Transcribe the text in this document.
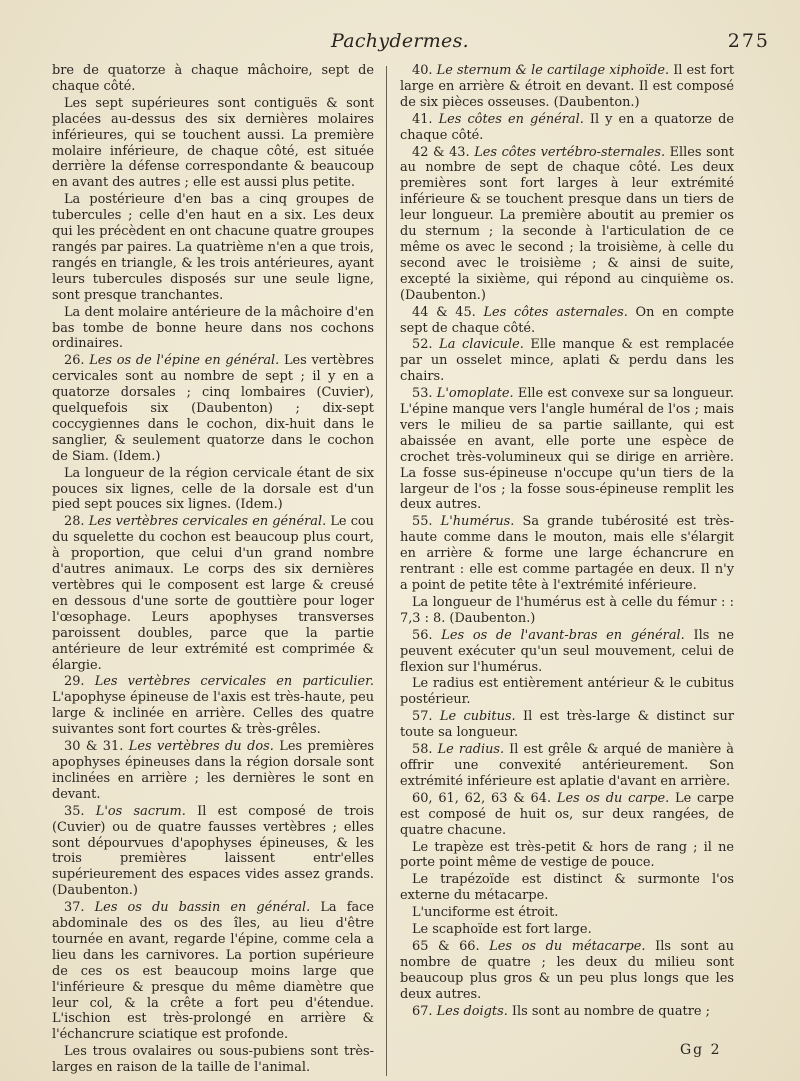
Pachydermes.	275

bre de quatorze à chaque mâchoire, sept de chaque côté.

Les sept supérieures sont contiguës & sont placées au-dessus des six dernières molaires inférieures, qui se touchent aussi. La première molaire inférieure, de chaque côté, est située derrière la défense correspondante & beaucoup en avant des autres ; elle est aussi plus petite.

La postérieure d'en bas a cinq groupes de tubercules ; celle d'en haut en a six. Les deux qui les précèdent en ont chacune quatre groupes rangés par paires. La quatrième n'en a que trois, rangés en triangle, & les trois antérieures, ayant leurs tubercules disposés sur une seule ligne, sont presque tranchantes.

La dent molaire antérieure de la mâchoire d'en bas tombe de bonne heure dans nos cochons ordinaires.

26. Les os de l'épine en général. Les vertèbres cervicales sont au nombre de sept ; il y en a quatorze dorsales ; cinq lombaires (Cuvier), quelquefois six (Daubenton) ; dix-sept coccygiennes dans le cochon, dix-huit dans le sanglier, & seulement quatorze dans le cochon de Siam. (Idem.)

La longueur de la région cervicale étant de six pouces six lignes, celle de la dorsale est d'un pied sept pouces six lignes. (Idem.)

28. Les vertèbres cervicales en général. Le cou du squelette du cochon est beaucoup plus court, à proportion, que celui d'un grand nombre d'autres animaux. Le corps des six dernières vertèbres qui le composent est large & creusé en dessous d'une sorte de gouttière pour loger l'œsophage. Leurs apophyses transverses paroissent doubles, parce que la partie antérieure de leur extrémité est comprimée & élargie.

29. Les vertèbres cervicales en particulier. L'apophyse épineuse de l'axis est très-haute, peu large & inclinée en arrière. Celles des quatre suivantes sont fort courtes & très-grêles.

30 & 31. Les vertèbres du dos. Les premières apophyses épineuses dans la région dorsale sont inclinées en arrière ; les dernières le sont en devant.

35. L'os sacrum. Il est composé de trois (Cuvier) ou de quatre fausses vertèbres ; elles sont dépourvues d'apophyses épineuses, & les trois premières laissent entr'elles supérieurement des espaces vides assez grands. (Daubenton.)

37. Les os du bassin en général. La face abdominale des os des îles, au lieu d'être tournée en avant, regarde l'épine, comme cela a lieu dans les carnivores. La portion supérieure de ces os est beaucoup moins large que l'inférieure & presque du même diamètre que leur col, & la crête a fort peu d'étendue. L'ischion est très-prolongé en arrière & l'échancrure sciatique est profonde.

Les trous ovalaires ou sous-pubiens sont très-larges en raison de la taille de l'animal.

40. Le sternum & le cartilage xiphoïde. Il est fort large en arrière & étroit en devant. Il est composé de six pièces osseuses. (Daubenton.)

41. Les côtes en général. Il y en a quatorze de chaque côté.

42 & 43. Les côtes vertébro-sternales. Elles sont au nombre de sept de chaque côté. Les deux premières sont fort larges à leur extrémité inférieure & se touchent presque dans un tiers de leur longueur. La première aboutit au premier os du sternum ; la seconde à l'articulation de ce même os avec le second ; la troisième, à celle du second avec le troisième ; & ainsi de suite, excepté la sixième, qui répond au cinquième os. (Daubenton.)

44 & 45. Les côtes asternales. On en compte sept de chaque côté.

52. La clavicule. Elle manque & est remplacée par un osselet mince, aplati & perdu dans les chairs.

53. L'omoplate. Elle est convexe sur sa longueur. L'épine manque vers l'angle huméral de l'os ; mais vers le milieu de sa partie saillante, qui est abaissée en avant, elle porte une espèce de crochet très-volumineux qui se dirige en arrière. La fosse sus-épineuse n'occupe qu'un tiers de la largeur de l'os ; la fosse sous-épineuse remplit les deux autres.

55. L'humérus. Sa grande tubérosité est très-haute comme dans le mouton, mais elle s'élargit en arrière & forme une large échancrure en rentrant : elle est comme partagée en deux. Il n'y a point de petite tête à l'extrémité inférieure.

La longueur de l'humérus est à celle du fémur : : 7,3 : 8. (Daubenton.)

56. Les os de l'avant-bras en général. Ils ne peuvent exécuter qu'un seul mouvement, celui de flexion sur l'humérus.

Le radius est entièrement antérieur & le cubitus postérieur.

57. Le cubitus. Il est très-large & distinct sur toute sa longueur.

58. Le radius. Il est grêle & arqué de manière à offrir une convexité antérieurement. Son extrémité inférieure est aplatie d'avant en arrière.

60, 61, 62, 63 & 64. Les os du carpe. Le carpe est composé de huit os, sur deux rangées, de quatre chacune.

Le trapèze est très-petit & hors de rang ; il ne porte point même de vestige de pouce.

Le trapézoïde est distinct & surmonte l'os externe du métacarpe.

L'unciforme est étroit.

Le scaphoïde est fort large.

65 & 66. Les os du métacarpe. Ils sont au nombre de quatre ; les deux du milieu sont beaucoup plus gros & un peu plus longs que les deux autres.

67. Les doigts. Ils sont au nombre de quatre ;

Gg 2
